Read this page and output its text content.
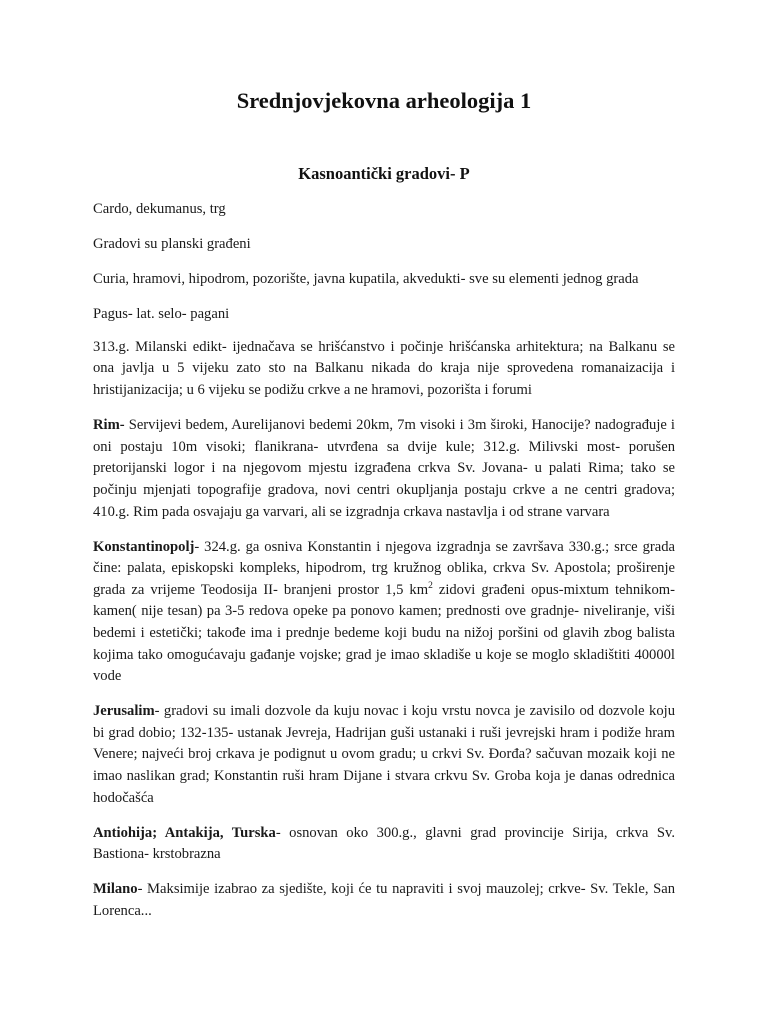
Srednjovjekovna arheologija 1
Kasnoantički gradovi- P

Cardo, dekumanus, trg

Gradovi su planski građeni

Curia, hramovi, hipodrom, pozorište, javna kupatila, akvedukti- sve su elementi jednog grada

Pagus- lat. selo- pagani

313.g. Milanski edikt- ijednačava se hrišćanstvo i počinje hrišćanska arhitektura; na Balkanu se ona javlja u 5 vijeku zato sto na Balkanu nikada do kraja nije sprovedena romanaizacija i hristijanizacija; u 6 vijeku se podižu crkve a ne hramovi, pozorišta i forumi

Rim- Servijevi bedem, Aurelijanovi bedemi 20km, 7m visoki i 3m široki, Hanocije? nadograđuje i oni postaju 10m visoki; flanikrana- utvrđena sa dvije kule; 312.g. Milivski most- porušen pretorijanski logor i na njegovom mjestu izgrađena crkva Sv. Jovana- u palati Rima; tako se počinju mjenjati topografije gradova, novi centri okupljanja postaju crkve a ne centri gradova; 410.g. Rim pada osvajaju ga varvari, ali se izgradnja crkava nastavlja i od strane varvara

Konstantinopolj- 324.g. ga osniva Konstantin i njegova izgradnja se završava 330.g.; srce grada čine: palata, episkopski kompleks, hipodrom, trg kružnog oblika, crkva Sv. Apostola; proširenje grada za vrijeme Teodosija II- branjeni prostor 1,5 $km^2$ zidovi građeni opus-mixtum tehnikom- kamen( nije tesan) pa 3-5 redova opeke pa ponovo kamen; prednosti ove gradnje- niveliranje, viši bedemi i estetički; takođe ima i prednje bedeme koji budu na nižoj poršini od glavih zbog balista kojima tako omogućavaju gađanje vojske; grad je imao skladiše u koje se moglo skladištiti 40000l vode

Jerusalim- gradovi su imali dozvole da kuju novac i koju vrstu novca je zavisilo od dozvole koju bi grad dobio; 132-135- ustanak Jevreja, Hadrijan guši ustanaki i ruši jevrejski hram i podiže hram Venere; najveći broj crkava je podignut u ovom gradu; u crkvi Sv. Đorđa? sačuvan mozaik koji ne imao naslikan grad; Konstantin ruši hram Dijane i stvara crkvu Sv. Groba koja je danas odrednica hodočašća

Antiohija; Antakija, Turska- osnovan oko 300.g., glavni grad provincije Sirija, crkva Sv. Bastiona- krstobrazna

Milano- Maksimije izabrao za sjedište, koji će tu napraviti i svoj mauzolej; crkve- Sv. Tekle, San Lorenca...
